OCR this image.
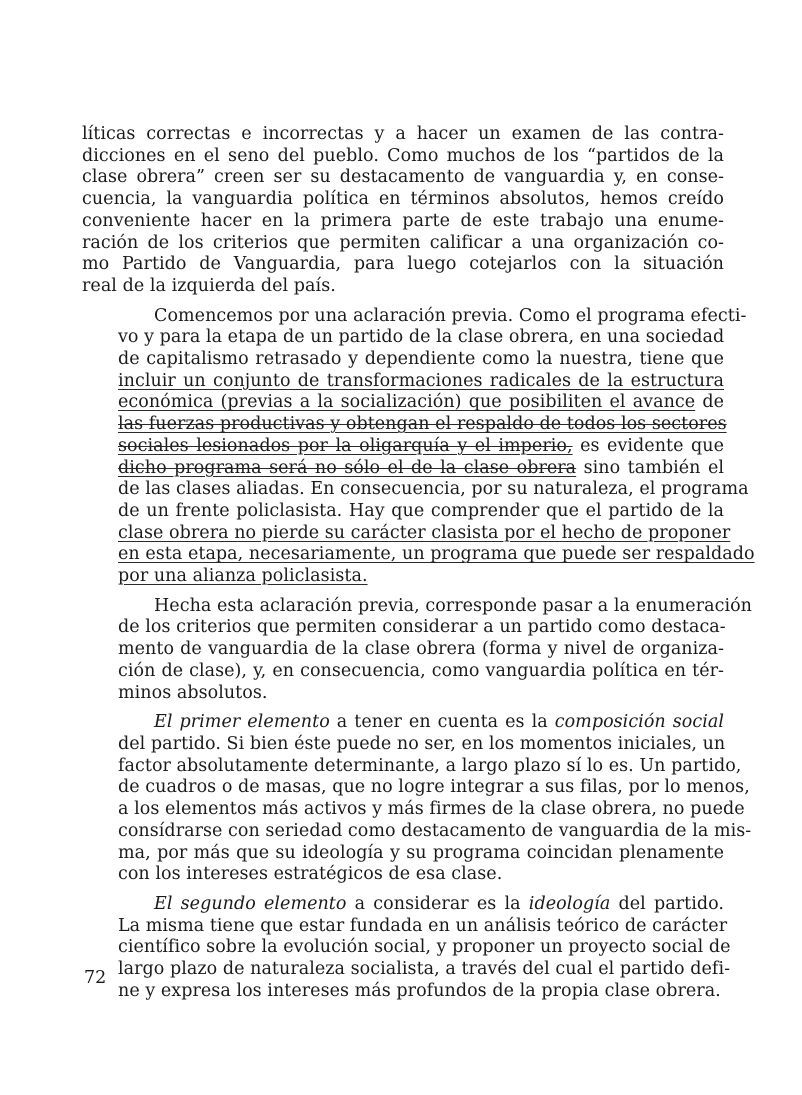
líticas correctas e incorrectas y a hacer un examen de las contra-
dicciones en el seno del pueblo. Como muchos de los “partidos de la
clase obrera” creen ser su destacamento de vanguardia y, en conse-
cuencia, la vanguardia política en términos absolutos, hemos creído
conveniente hacer en la primera parte de este trabajo una enume-
ración de los criterios que permiten calificar a una organización co-
mo Partido de Vanguardia, para luego cotejarlos con la situación
real de la izquierda del país.

Comencemos por una aclaración previa. Como el programa efecti-
vo y para la etapa de un partido de la clase obrera, en una sociedad
de capitalismo retrasado y dependiente como la nuestra, tiene que
incluir un conjunto de transformaciones radicales de la estructura
económica (previas a la socialización) que posibiliten el avance de
las fuerzas productivas y obtengan el respaldo de todos los sectores
sociales lesionados por la oligarquía y el imperio, es evidente que
dicho programa será no sólo el de la clase obrera sino también el
de las clases aliadas. En consecuencia, por su naturaleza, el programa
de un frente policlasista. Hay que comprender que el partido de la
clase obrera no pierde su carácter clasista por el hecho de proponer
en esta etapa, necesariamente, un programa que puede ser respaldado
por una alianza policlasista.

Hecha esta aclaración previa, corresponde pasar a la enumeración
de los criterios que permiten considerar a un partido como destaca-
mento de vanguardia de la clase obrera (forma y nivel de organiza-
ción de clase), y, en consecuencia, como vanguardia política en tér-
minos absolutos.

El primer elemento a tener en cuenta es la composición social
del partido. Si bien éste puede no ser, en los momentos iniciales, un
factor absolutamente determinante, a largo plazo sí lo es. Un partido,
de cuadros o de masas, que no logre integrar a sus filas, por lo menos,
a los elementos más activos y más firmes de la clase obrera, no puede
consídrarse con seriedad como destacamento de vanguardia de la mis-
ma, por más que su ideología y su programa coincidan plenamente
con los intereses estratégicos de esa clase.

El segundo elemento a considerar es la ideología del partido.
La misma tiene que estar fundada en un análisis teórico de carácter
científico sobre la evolución social, y proponer un proyecto social de
largo plazo de naturaleza socialista, a través del cual el partido defi-
ne y expresa los intereses más profundos de la propia clase obrera.

72
